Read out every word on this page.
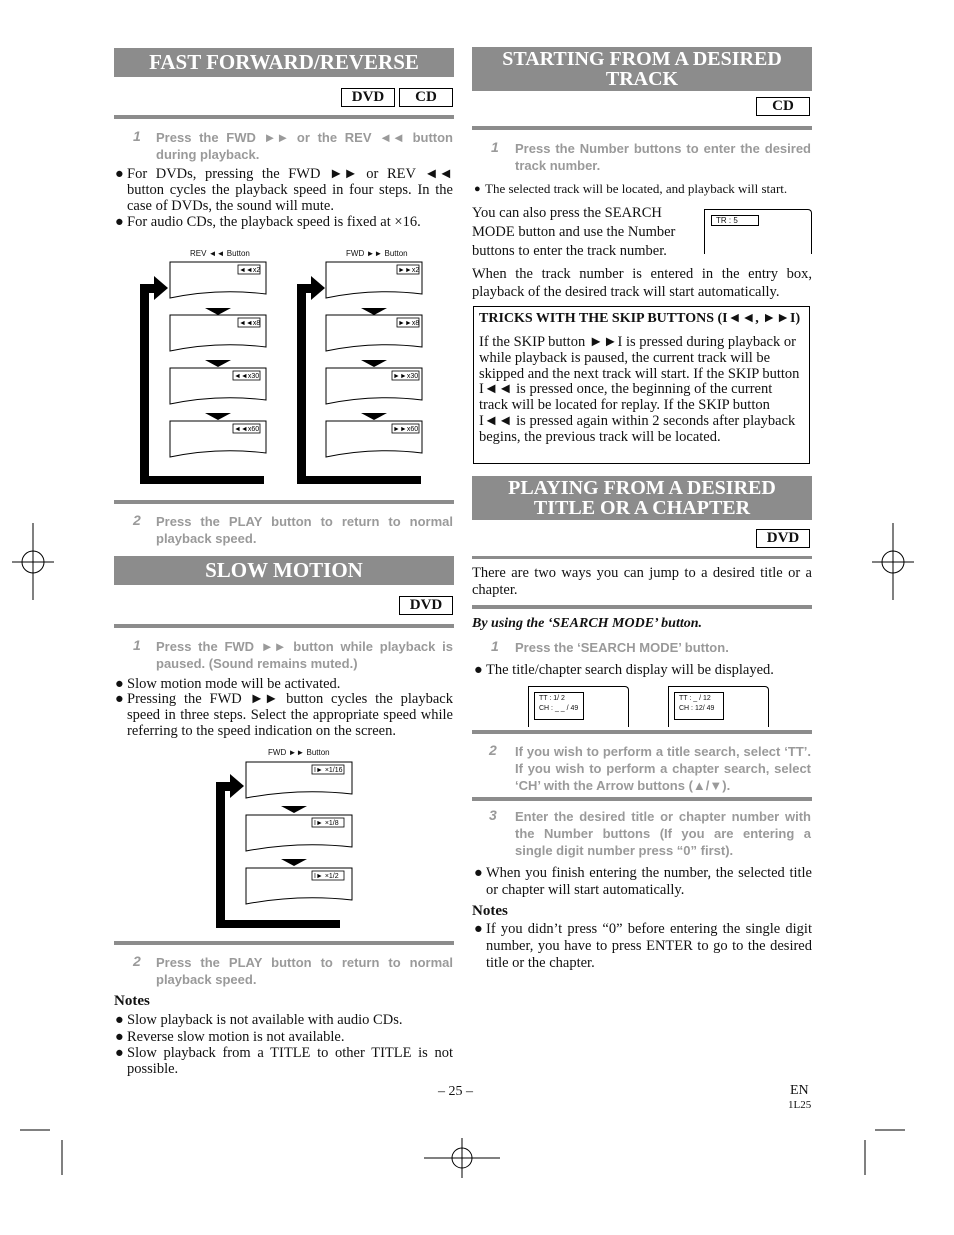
FAST FORWARD/REVERSE
DVD	CD
1 Press the FWD ►► or the REV ◄◄ button during playback.
● For DVDs, pressing the FWD ►► or REV ◄◄ button cycles the playback speed in four steps. In the case of DVDs, the sound will mute.
● For audio CDs, the playback speed is fixed at ×16.
REV ◄◄ Button	FWD ►► Button
◄◄x2
◄◄x8
◄◄x30
◄◄x60
►►x2
►►x8
►►x30
►►x60
2 Press the PLAY button to return to normal playback speed.
SLOW MOTION
DVD
1 Press the FWD ►► button while playback is paused. (Sound remains muted.)
● Slow motion mode will be activated.
● Pressing the FWD ►► button cycles the playback speed in three steps. Select the appropriate speed while referring to the speed indication on the screen.
FWD ►► Button
I► ×1/16
I► ×1/8
I► ×1/2
2 Press the PLAY button to return to normal playback speed.
Notes
● Slow playback is not available with audio CDs.
● Reverse slow motion is not available.
● Slow playback from a TITLE to other TITLE is not possible.
STARTING FROM A DESIRED
TRACK
CD
1 Press the Number buttons to enter the desired track number.
● The selected track will be located, and playback will start.
You can also press the SEARCH MODE button and use the Number buttons to enter the track number.
TR : 5
When the track number is entered in the entry box, playback of the desired track will start automatically.
TRICKS WITH THE SKIP BUTTONS (I◄◄, ►►I)
If the SKIP button ►►I is pressed during playback or while playback is paused, the current track will be skipped and the next track will start. If the SKIP button I◄◄ is pressed once, the beginning of the current track will be located for replay. If the SKIP button I◄◄ is pressed again within 2 seconds after playback begins, the previous track will be located.
PLAYING FROM A DESIRED
TITLE OR A CHAPTER
DVD
There are two ways you can jump to a desired title or a chapter.
By using the ‘SEARCH MODE’ button.
1 Press the ‘SEARCH MODE’ button.
● The title/chapter search display will be displayed.
TT : 1/ 2
CH : _ _ / 49
TT : _ / 12
CH : 12/ 49
2 If you wish to perform a title search, select ‘TT’. If you wish to perform a chapter search, select ‘CH’ with the Arrow buttons (▲/▼).
3 Enter the desired title or chapter number with the Number buttons (If you are entering a single digit number press “0” first).
● When you finish entering the number, the selected title or chapter will start automatically.
Notes
● If you didn’t press “0” before entering the single digit number, you have to press ENTER to go to the desired title or the chapter.
– 25 –	EN
1L25
